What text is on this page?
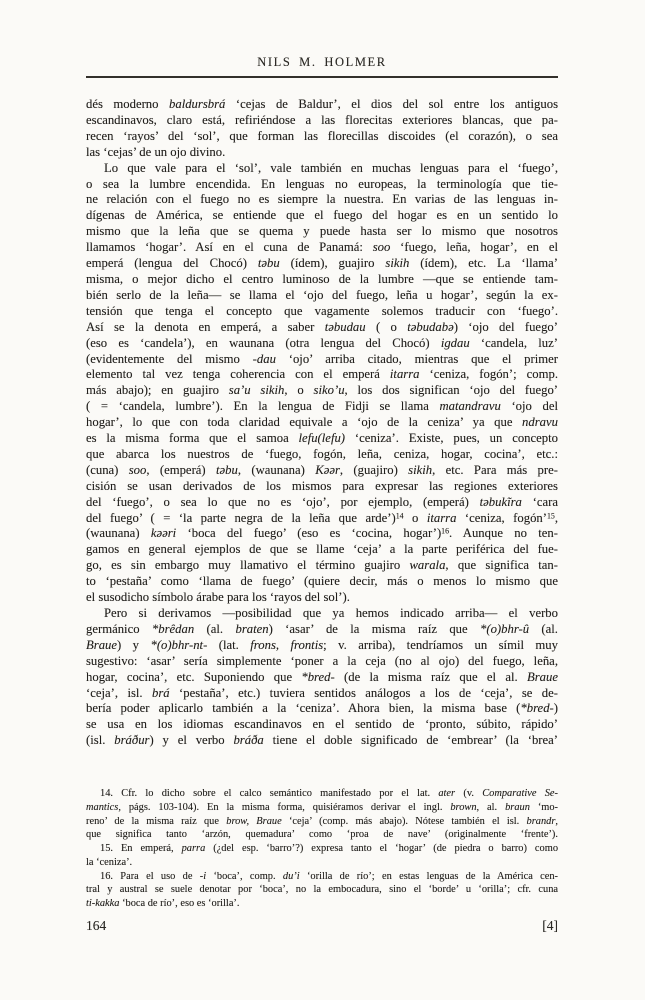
NILS M. HOLMER
dés moderno baldursbrá ‘cejas de Baldur’, el dios del sol entre los antiguos
escandinavos, claro está, refiriéndose a las florecitas exteriores blancas, que pa-
recen ‘rayos’ del ‘sol’, que forman las florecillas discoides (el corazón), o sea
las ‘cejas’ de un ojo divino.
Lo que vale para el ‘sol’, vale también en muchas lenguas para el ‘fuego’,
o sea la lumbre encendida. En lenguas no europeas, la terminología que tie-
ne relación con el fuego no es siempre la nuestra. En varias de las lenguas in-
dígenas de América, se entiende que el fuego del hogar es en un sentido lo
mismo que la leña que se quema y puede hasta ser lo mismo que nosotros
llamamos ‘hogar’. Así en el cuna de Panamá: soo ‘fuego, leña, hogar’, en el
emperá (lengua del Chocó) təbu (ídem), guajiro sikih (ídem), etc. La ‘llama’
misma, o mejor dicho el centro luminoso de la lumbre —que se entiende tam-
bién serlo de la leña— se llama el ‘ojo del fuego, leña u hogar’, según la ex-
tensión que tenga el concepto que vagamente solemos traducir con ‘fuego’.
Así se la denota en emperá, a saber təbudau ( o təbudabə) ‘ojo del fuego’
(eso es ‘candela’), en waunana (otra lengua del Chocó) igdau ‘candela, luz’
(evidentemente del mismo -dau ‘ojo’ arriba citado, mientras que el primer
elemento tal vez tenga coherencia con el emperá itarra ‘ceniza, fogón’; comp.
más abajo); en guajiro sa’u sikih, o siko’u, los dos significan ‘ojo del fuego’
( = ‘candela, lumbre’). En la lengua de Fidji se llama matandravu ‘ojo del
hogar’, lo que con toda claridad equivale a ‘ojo de la ceniza’ ya que ndravu
es la misma forma que el samoa lefu(lefu) ‘ceniza’. Existe, pues, un concepto
que abarca los nuestros de ‘fuego, fogón, leña, ceniza, hogar, cocina’, etc.:
(cuna) soo, (emperá) təbu, (waunana) Kəər, (guajiro) sikih, etc. Para más pre-
cisión se usan derivados de los mismos para expresar las regiones exteriores
del ‘fuego’, o sea lo que no es ‘ojo’, por ejemplo, (emperá) təbukĩra ‘cara
del fuego’ ( = ‘la parte negra de la leña que arde’)$^{14}$ o itarra ‘ceniza, fogón’$^{15}$,
(waunana) kəəri ‘boca del fuego’ (eso es ‘cocina, hogar’)$^{16}$. Aunque no ten-
gamos en general ejemplos de que se llame ‘ceja’ a la parte periférica del fue-
go, es sin embargo muy llamativo el término guajiro warala, que significa tan-
to ‘pestaña’ como ‘llama de fuego’ (quiere decir, más o menos lo mismo que
el susodicho símbolo árabe para los ‘rayos del sol’).
Pero si derivamos —posibilidad que ya hemos indicado arriba— el verbo
germánico *brêdan (al. braten) ‘asar’ de la misma raíz que *(o)bhr-û (al.
Braue) y *(o)bhr-nt- (lat. frons, frontis; v. arriba), tendríamos un símil muy
sugestivo: ‘asar’ sería simplemente ‘poner a la ceja (no al ojo) del fuego, leña,
hogar, cocina’, etc. Suponiendo que *bred- (de la misma raíz que el al. Braue
‘ceja’, isl. brá ‘pestaña’, etc.) tuviera sentidos análogos a los de ‘ceja’, se de-
bería poder aplicarlo también a la ‘ceniza’. Ahora bien, la misma base (*bred-)
se usa en los idiomas escandinavos en el sentido de ‘pronto, súbito, rápido’
(isl. bráður) y el verbo bráða tiene el doble significado de ‘embrear’ (la ‘brea’
14. Cfr. lo dicho sobre el calco semántico manifestado por el lat. ater (v. Comparative Se-
mantics, págs. 103-104). En la misma forma, quisiéramos derivar el ingl. brown, al. braun ‘mo-
reno’ de la misma raíz que brow, Braue ‘ceja’ (comp. más abajo). Nótese también el isl. brandr,
que significa tanto ‘arzón, quemadura’ como ‘proa de nave’ (originalmente ‘frente’).
15. En emperá, parra (¿del esp. ‘barro’?) expresa tanto el ‘hogar’ (de piedra o barro) como
la ‘ceniza’.
16. Para el uso de -i ‘boca’, comp. du’i ‘orilla de río’; en estas lenguas de la América cen-
tral y austral se suele denotar por ‘boca’, no la embocadura, sino el ‘borde’ u ‘orilla’; cfr. cuna
ti-kakka ‘boca de río’, eso es ‘orilla’.
164	[4]
